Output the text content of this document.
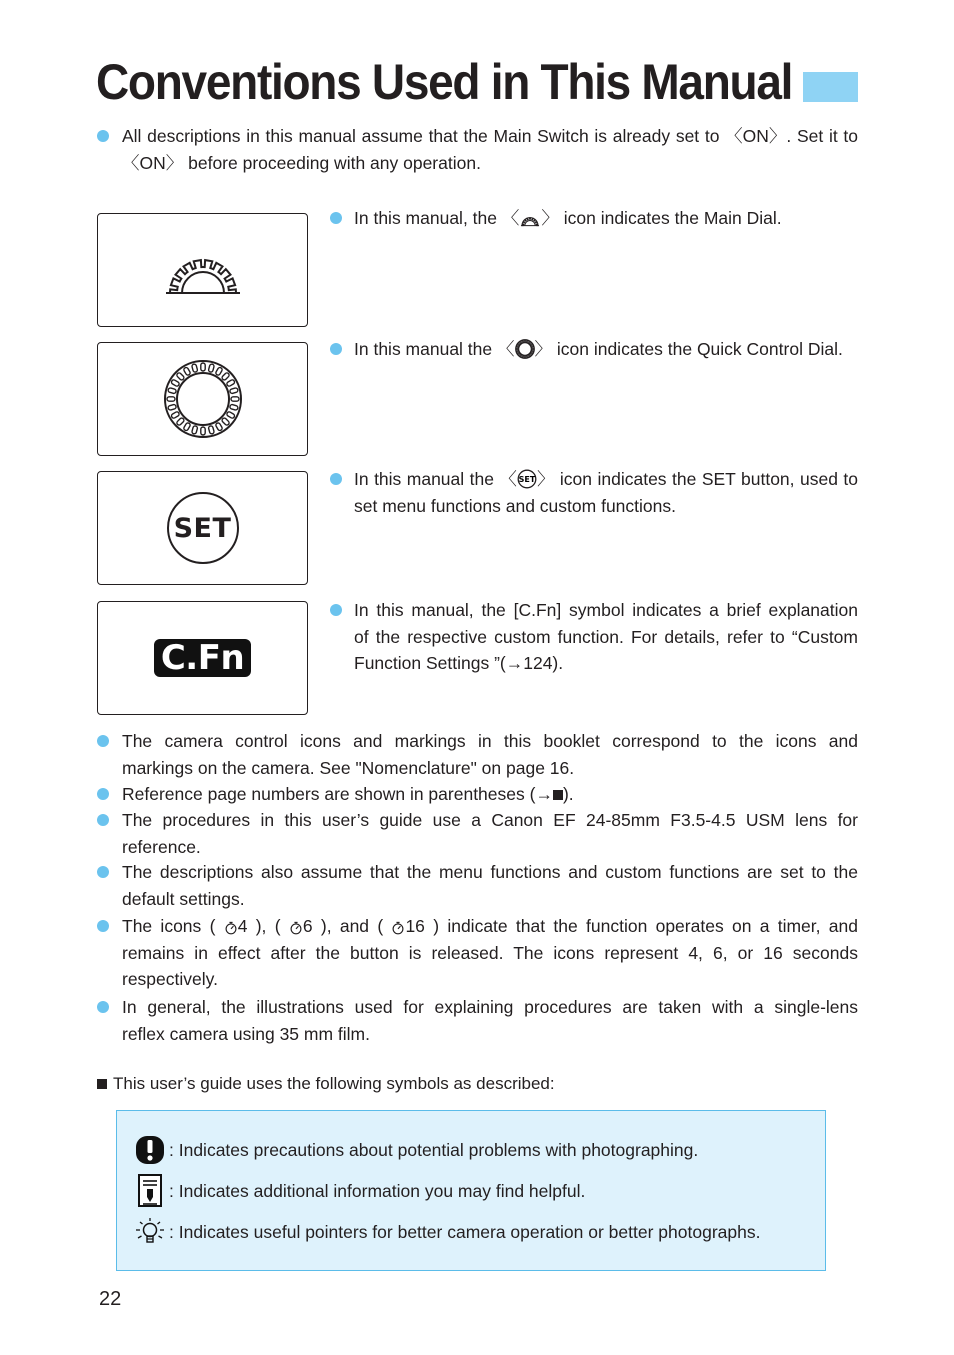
Conventions Used in This Manual
All descriptions in this manual assume that the Main Switch is already set to 〈ON〉. Set it to
〈ON〉 before proceeding with any operation.
In this manual, the 〈 〉 icon indicates the Main Dial.
In this manual the 〈 〉 icon indicates the Quick Control Dial.
SET
In this manual the 〈 SET 〉 icon indicates the SET button, used to
set menu functions and custom functions.
C.Fn
In this manual, the [C.Fn] symbol indicates a brief explanation
of the respective custom function. For details, refer to “Custom
Function Settings ”(→124).
The camera control icons and markings in this booklet correspond to the icons and
markings on the camera. See "Nomenclature" on page 16.
Reference page numbers are shown in parentheses (→ ).
The procedures in this user’s guide use a Canon EF 24-85mm F3.5-4.5 USM lens for
reference.
The descriptions also assume that the menu functions and custom functions are set to the
default settings.
The icons ( 4 ), ( 6 ), and ( 16 ) indicate that the function operates on a timer, and
remains in effect after the button is released. The icons represent 4, 6, or 16 seconds
respectively.
In general, the illustrations used for explaining procedures are taken with a single-lens
reflex camera using 35 mm film.
This user’s guide uses the following symbols as described:
: Indicates precautions about potential problems with photographing.
: Indicates additional information you may find helpful.
: Indicates useful pointers for better camera operation or better photographs.
22
